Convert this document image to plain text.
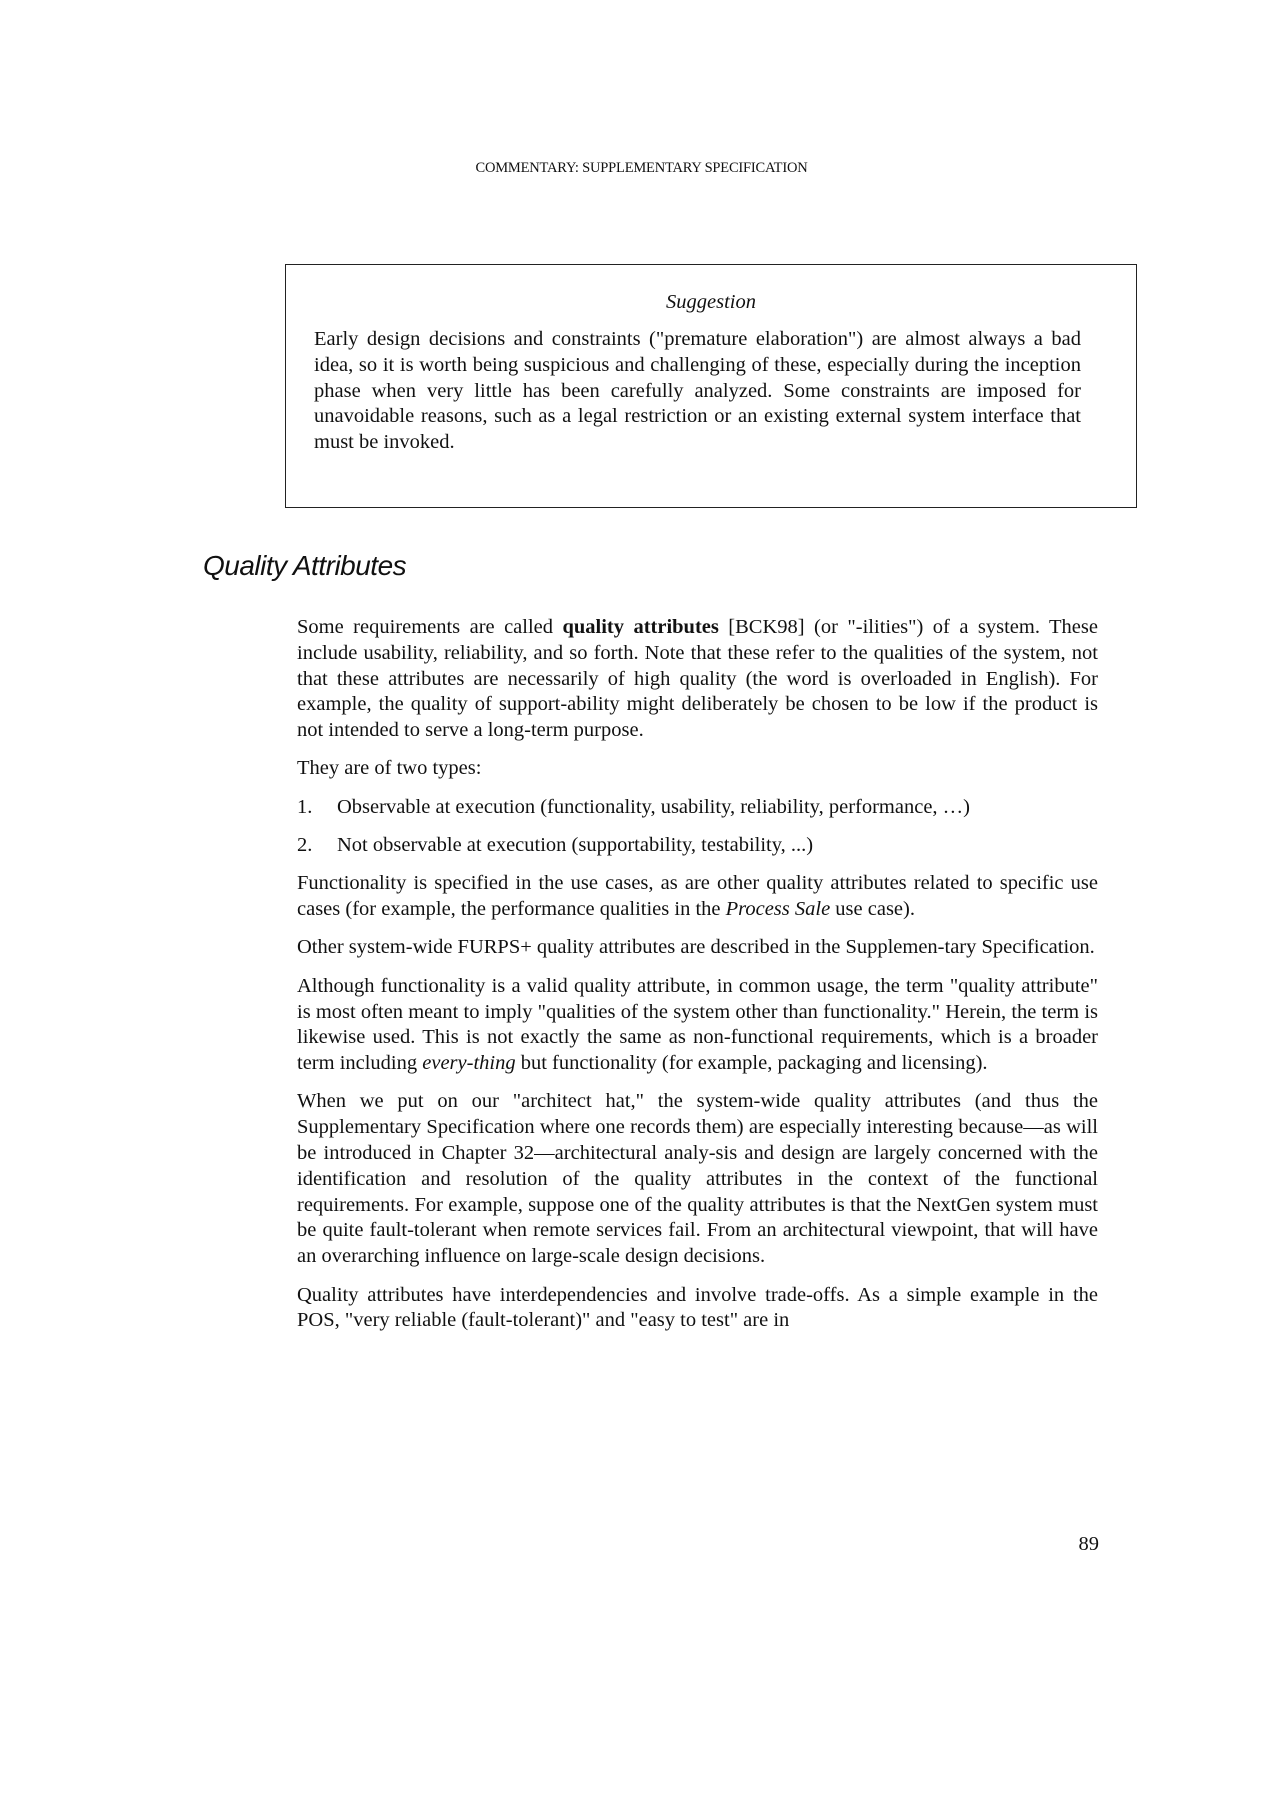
COMMENTARY: SUPPLEMENTARY SPECIFICATION
Suggestion
Early design decisions and constraints ("premature elaboration") are almost always a bad idea, so it is worth being suspicious and challenging of these, especially during the inception phase when very little has been carefully analyzed. Some constraints are imposed for unavoidable reasons, such as a legal restriction or an existing external system interface that must be invoked.
Quality Attributes

Some requirements are called quality attributes [BCK98] (or "-ilities") of a system. These include usability, reliability, and so forth. Note that these refer to the qualities of the system, not that these attributes are necessarily of high quality (the word is overloaded in English). For example, the quality of support-ability might deliberately be chosen to be low if the product is not intended to serve a long-term purpose.

They are of two types:

1.	Observable at execution (functionality, usability, reliability, performance, …)
2.	Not observable at execution (supportability, testability, ...)

Functionality is specified in the use cases, as are other quality attributes related to specific use cases (for example, the performance qualities in the Process Sale use case).

Other system-wide FURPS+ quality attributes are described in the Supplemen-tary Specification.

Although functionality is a valid quality attribute, in common usage, the term "quality attribute" is most often meant to imply "qualities of the system other than functionality." Herein, the term is likewise used. This is not exactly the same as non-functional requirements, which is a broader term including every-thing but functionality (for example, packaging and licensing).

When we put on our "architect hat," the system-wide quality attributes (and thus the Supplementary Specification where one records them) are especially interesting because—as will be introduced in Chapter 32—architectural analy-sis and design are largely concerned with the identification and resolution of the quality attributes in the context of the functional requirements. For example, suppose one of the quality attributes is that the NextGen system must be quite fault-tolerant when remote services fail. From an architectural viewpoint, that will have an overarching influence on large-scale design decisions.

Quality attributes have interdependencies and involve trade-offs. As a simple example in the POS, "very reliable (fault-tolerant)" and "easy to test" are in

89
